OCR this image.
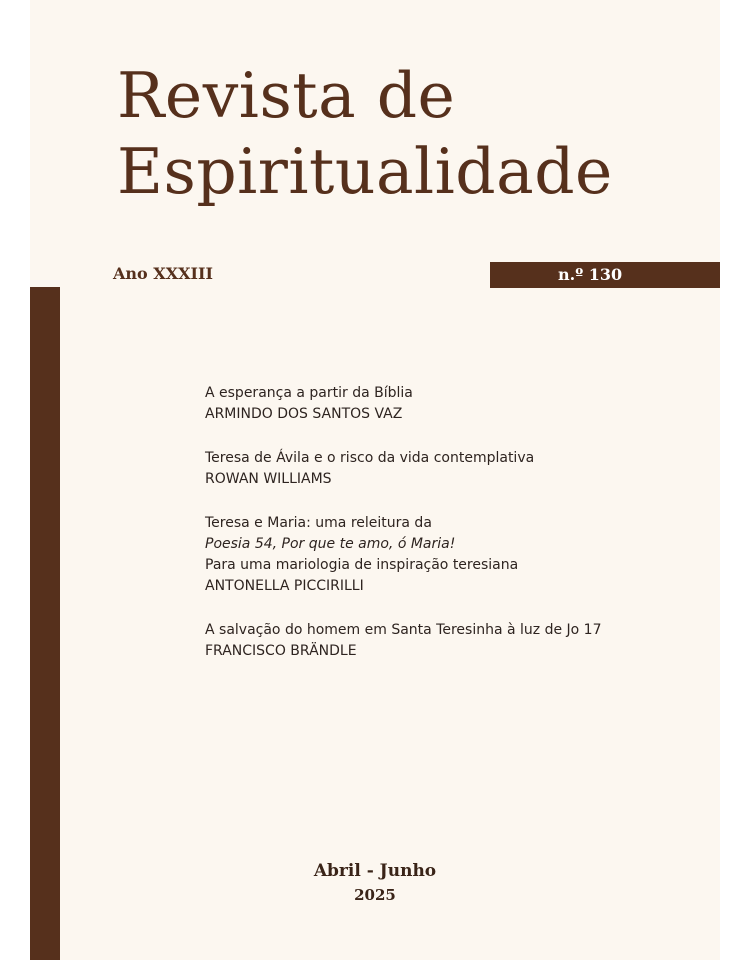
Revista de
Espiritualidade
Ano XXXIII	n.º 130
A esperança a partir da Bíblia
ARMINDO DOS SANTOS VAZ
Teresa de Ávila e o risco da vida contemplativa
ROWAN WILLIAMS
Teresa e Maria: uma releitura da
Poesia 54, Por que te amo, ó Maria!
Para uma mariologia de inspiração teresiana
ANTONELLA PICCIRILLI
A salvação do homem em Santa Teresinha à luz de Jo 17
FRANCISCO BRÄNDLE
Abril - Junho
2025
